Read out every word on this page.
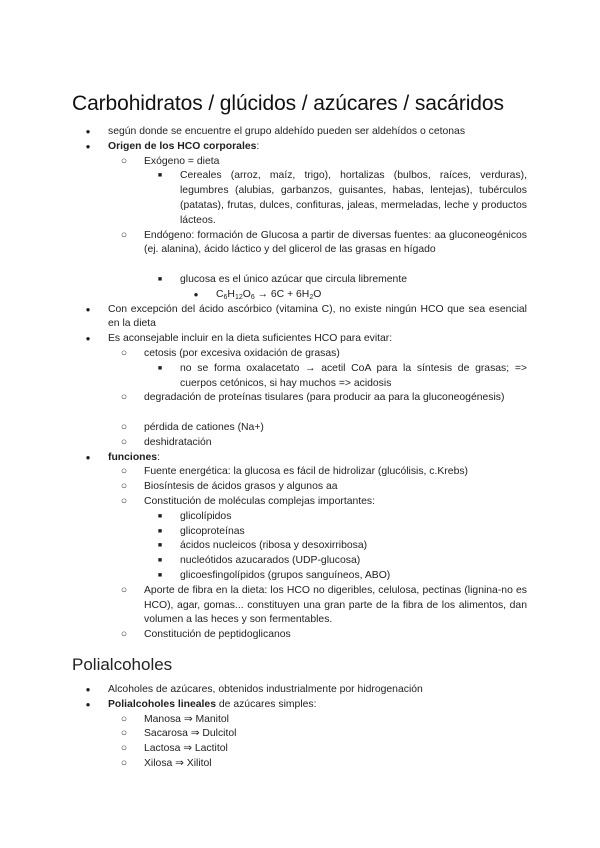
Carbohidratos / glúcidos / azúcares / sacáridos
●	según donde se encuentre el grupo aldehído pueden ser aldehídos o cetonas
●	Origen de los HCO corporales:
○ Exógeno = dieta
■	Cereales (arroz, maíz, trigo), hortalizas (bulbos, raíces, verduras), legumbres (alubias, garbanzos, guisantes, habas, lentejas), tubérculos (patatas), frutas, dulces, confituras, jaleas, mermeladas, leche y productos lácteos.
○ Endógeno: formación de Glucosa a partir de diversas fuentes: aa gluconeogénicos (ej. alanina), ácido láctico y del glicerol de las grasas en hígado
■	glucosa es el único azúcar que circula libremente
●	$C_6H_{12}O_6 \to 6C + 6H_2O$
●	Con excepción del ácido ascórbico (vitamina C), no existe ningún HCO que sea esencial en la dieta
●	Es aconsejable incluir en la dieta suficientes HCO para evitar:
○ cetosis (por excesiva oxidación de grasas)
■	no se forma oxalacetato → acetil CoA para la síntesis de grasas; => cuerpos cetónicos, si hay muchos => acidosis
○ degradación de proteínas tisulares (para producir aa para la gluconeogénesis)
○ pérdida de cationes (Na+)
○ deshidratación
●	funciones:
○ Fuente energética: la glucosa es fácil de hidrolizar (glucólisis, c.Krebs)
○ Biosíntesis de ácidos grasos y algunos aa
○ Constitución de moléculas complejas importantes:
■	glicolípidos
■	glicoproteínas
■	ácidos nucleicos (ribosa y desoxirribosa)
■	nucleótidos azucarados (UDP-glucosa)
■	glicoesfingolípidos (grupos sanguíneos, ABO)
○ Aporte de fibra en la dieta: los HCO no digeribles, celulosa, pectinas (lignina-no es HCO), agar, gomas... constituyen una gran parte de la fibra de los alimentos, dan volumen a las heces y son fermentables.
○ Constitución de peptidoglicanos
Polialcoholes
●	Alcoholes de azúcares, obtenidos industrialmente por hidrogenación
●	Polialcoholes lineales de azúcares simples:
○ Manosa ⇒ Manitol
○ Sacarosa ⇒ Dulcitol
○ Lactosa ⇒ Lactitol
○ Xilosa ⇒ Xilitol
